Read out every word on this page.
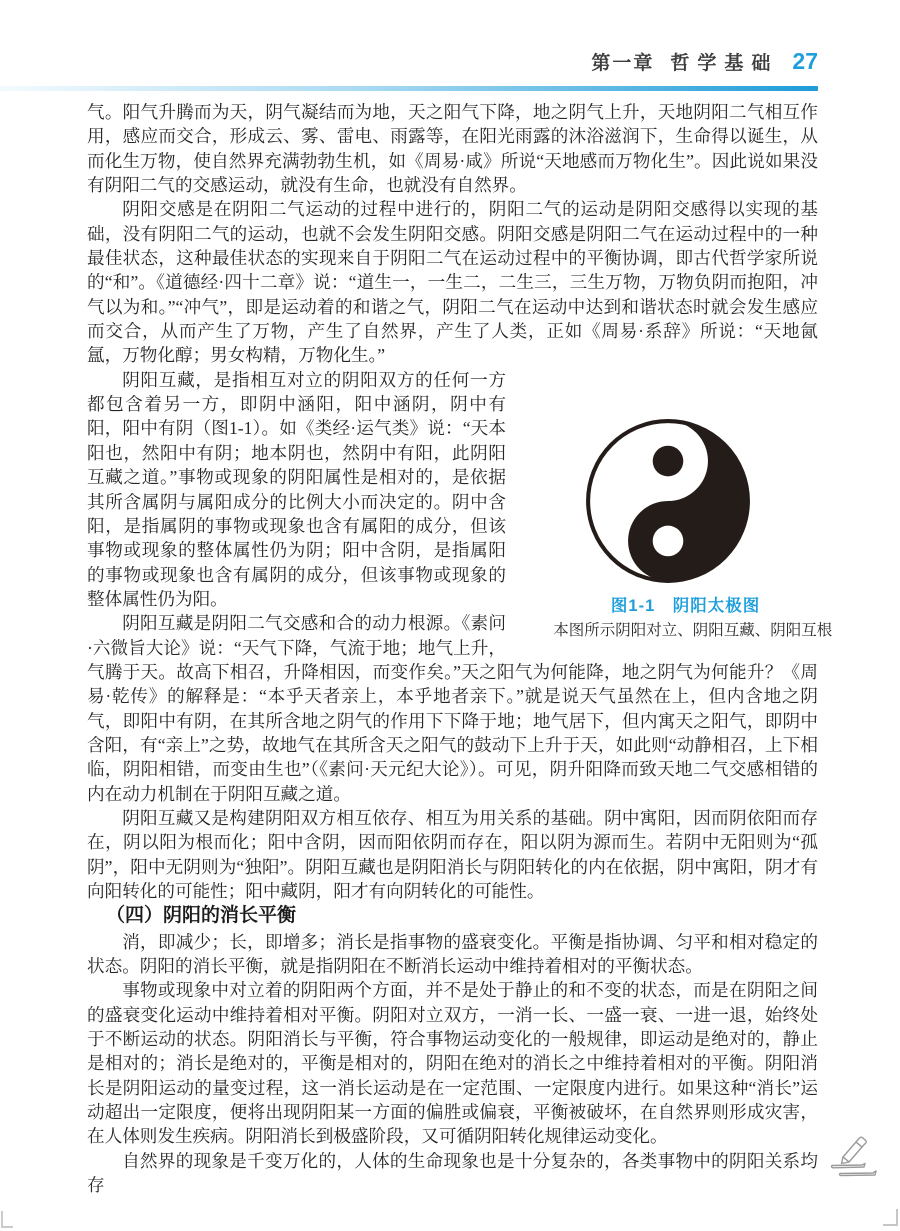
第一章 哲学基础 27

气。阳气升腾而为天，阴气凝结而为地，天之阳气下降，地之阴气上升，天地阴阳二气相互作用，感应而交合，形成云、雾、雷电、雨露等，在阳光雨露的沐浴滋润下，生命得以诞生，从而化生万物，使自然界充满勃勃生机，如《周易·咸》所说“天地感而万物化生”。因此说如果没有阴阳二气的交感运动，就没有生命，也就没有自然界。

阴阳交感是在阴阳二气运动的过程中进行的，阴阳二气的运动是阴阳交感得以实现的基础，没有阴阳二气的运动，也就不会发生阴阳交感。阴阳交感是阴阳二气在运动过程中的一种最佳状态，这种最佳状态的实现来自于阴阳二气在运动过程中的平衡协调，即古代哲学家所说的“和”。《道德经·四十二章》说：“道生一，一生二，二生三，三生万物，万物负阴而抱阳，冲气以为和。”“冲气”，即是运动着的和谐之气，阴阳二气在运动中达到和谐状态时就会发生感应而交合，从而产生了万物，产生了自然界，产生了人类，正如《周易·系辞》所说：“天地氤氲，万物化醇；男女构精，万物化生。”

图1-1　阴阳太极图
本图所示阴阳对立、阴阳互藏、阴阳互根
阴阳互藏，是指相互对立的阴阳双方的任何一方都包含着另一方，即阴中涵阳，阳中涵阴，阴中有阳，阳中有阴（图1-1）。如《类经·运气类》说：“天本阳也，然阳中有阴；地本阴也，然阴中有阳，此阴阳互藏之道。”事物或现象的阴阳属性是相对的，是依据其所含属阴与属阳成分的比例大小而决定的。阴中含阳，是指属阴的事物或现象也含有属阳的成分，但该事物或现象的整体属性仍为阴；阳中含阴，是指属阳的事物或现象也含有属阴的成分，但该事物或现象的整体属性仍为阳。

阴阳互藏是阴阳二气交感和合的动力根源。《素问·六微旨大论》说：“天气下降，气流于地；地气上升，气腾于天。故高下相召，升降相因，而变作矣。”天之阳气为何能降，地之阴气为何能升？《周易·乾传》的解释是：“本乎天者亲上，本乎地者亲下。”就是说天气虽然在上，但内含地之阴气，即阳中有阴，在其所含地之阴气的作用下下降于地；地气居下，但内寓天之阳气，即阴中含阳，有“亲上”之势，故地气在其所含天之阳气的鼓动下上升于天，如此则“动静相召，上下相临，阴阳相错，而变由生也”（《素问·天元纪大论》）。可见，阴升阳降而致天地二气交感相错的内在动力机制在于阴阳互藏之道。

阴阳互藏又是构建阴阳双方相互依存、相互为用关系的基础。阴中寓阳，因而阴依阳而存在，阴以阳为根而化；阳中含阴，因而阳依阴而存在，阳以阴为源而生。若阴中无阳则为“孤阴”，阳中无阴则为“独阳”。阴阳互藏也是阴阳消长与阴阳转化的内在依据，阴中寓阳，阴才有向阳转化的可能性；阳中藏阴，阳才有向阴转化的可能性。

（四）阴阳的消长平衡

消，即减少；长，即增多；消长是指事物的盛衰变化。平衡是指协调、匀平和相对稳定的状态。阴阳的消长平衡，就是指阴阳在不断消长运动中维持着相对的平衡状态。

事物或现象中对立着的阴阳两个方面，并不是处于静止的和不变的状态，而是在阴阳之间的盛衰变化运动中维持着相对平衡。阴阳对立双方，一消一长、一盛一衰、一进一退，始终处于不断运动的状态。阴阳消长与平衡，符合事物运动变化的一般规律，即运动是绝对的，静止是相对的；消长是绝对的，平衡是相对的，阴阳在绝对的消长之中维持着相对的平衡。阴阳消长是阴阳运动的量变过程，这一消长运动是在一定范围、一定限度内进行。如果这种“消长”运动超出一定限度，便将出现阴阳某一方面的偏胜或偏衰，平衡被破坏，在自然界则形成灾害，在人体则发生疾病。阴阳消长到极盛阶段，又可循阴阳转化规律运动变化。

自然界的现象是千变万化的，人体的生命现象也是十分复杂的，各类事物中的阴阳关系均存
